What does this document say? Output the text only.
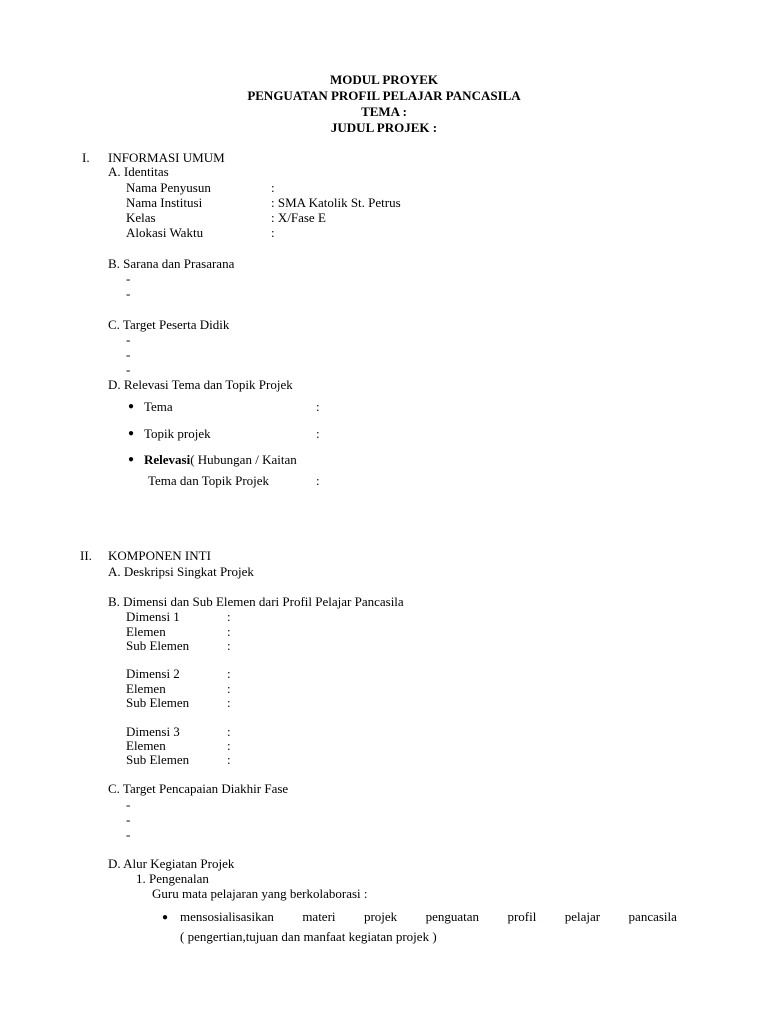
MODUL PROYEK
PENGUATAN PROFIL PELAJAR PANCASILA
TEMA :
JUDUL PROJEK :
I. INFORMASI UMUM
A. Identitas
Nama Penyusun	:
Nama Institusi	: SMA Katolik St. Petrus
Kelas	: X/Fase E
Alokasi Waktu	:
B. Sarana dan Prasarana
-
-
C. Target Peserta Didik
-
-
-
D. Relevasi Tema dan Topik Projek
● Tema	:
● Topik projek	:
● Relevasi( Hubungan / Kaitan
Tema dan Topik Projek	:
II. KOMPONEN INTI
A. Deskripsi Singkat Projek
B. Dimensi dan Sub Elemen dari Profil Pelajar Pancasila
Dimensi 1	:
Elemen	:
Sub Elemen	:
Dimensi 2	:
Elemen	:
Sub Elemen	:
Dimensi 3	:
Elemen	:
Sub Elemen	:
C. Target Pencapaian Diakhir Fase
-
-
-
D. Alur Kegiatan Projek
1. Pengenalan
Guru mata pelajaran yang berkolaborasi :
● mensosialisasikan materi projek penguatan profil pelajar pancasila
( pengertian,tujuan dan manfaat kegiatan projek )
